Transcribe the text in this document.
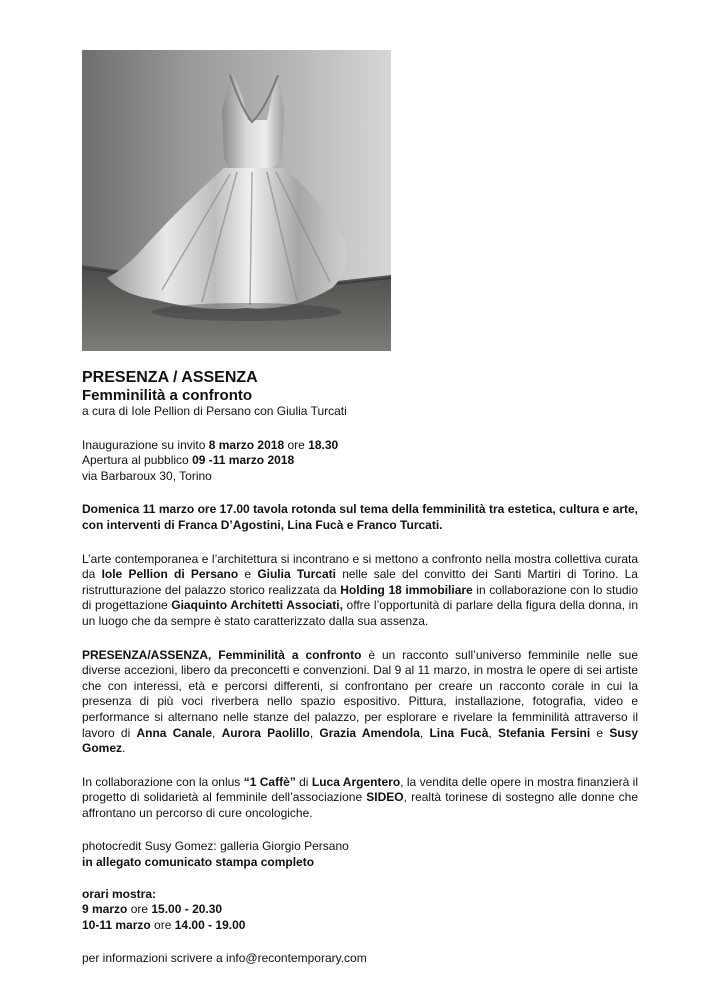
PRESENZA / ASSENZA

Femminilità a confronto

a cura di Iole Pellion di Persano con Giulia Turcati

Inaugurazione su invito 8 marzo 2018 ore 18.30

Apertura al pubblico 09 -11 marzo 2018

via Barbaroux 30, Torino

Domenica 11 marzo ore 17.00 tavola rotonda sul tema della femminilità tra estetica, cultura e arte, con interventi di Franca D’Agostini, Lina Fucà e Franco Turcati.

L’arte contemporanea e l’architettura si incontrano e si mettono a confronto nella mostra collettiva curata da Iole Pellion di Persano e Giulia Turcati nelle sale del convitto dei Santi Martiri di Torino. La ristrutturazione del palazzo storico realizzata da Holding 18 immobiliare in collaborazione con lo studio di progettazione Giaquinto Architetti Associati, offre l’opportunità di parlare della figura della donna, in un luogo che da sempre è stato caratterizzato dalla sua assenza.

PRESENZA/ASSENZA, Femminilità a confronto è un racconto sull’universo femminile nelle sue diverse accezioni, libero da preconcetti e convenzioni. Dal 9 al 11 marzo, in mostra le opere di sei artiste che con interessi, età e percorsi differenti, si confrontano per creare un racconto corale in cui la presenza di più voci riverbera nello spazio espositivo. Pittura, installazione, fotografia, video e performance si alternano nelle stanze del palazzo, per esplorare e rivelare la femminilità attraverso il lavoro di Anna Canale, Aurora Paolillo, Grazia Amendola, Lina Fucà, Stefania Fersini e Susy Gomez.

In collaborazione con la onlus “1 Caffè” di Luca Argentero, la vendita delle opere in mostra finanzierà il progetto di solidarietà al femminile dell’associazione SIDEO, realtà torinese di sostegno alle donne che affrontano un percorso di cure oncologiche.

photocredit Susy Gomez: galleria Giorgio Persano

in allegato comunicato stampa completo

orari mostra:

9 marzo ore 15.00 - 20.30

10-11 marzo ore 14.00 - 19.00

per informazioni scrivere a info@recontemporary.com
